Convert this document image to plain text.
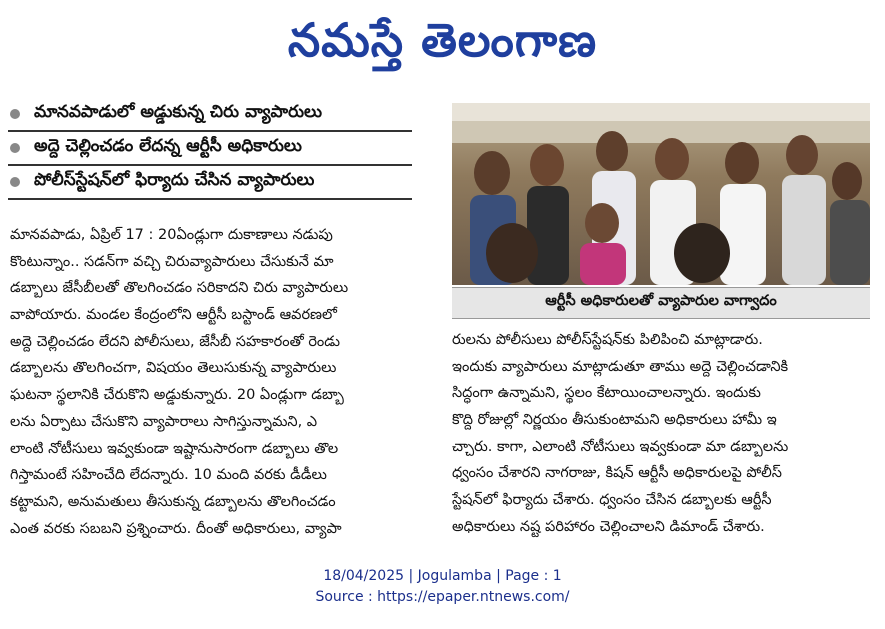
నమస్తే తెలంగాణ
మానవపాడులో అడ్డుకున్న చిరు వ్యాపారులు
అద్దె చెల్లించడం లేదన్న ఆర్టీసీ అధికారులు
పోలీస్‌స్టేషన్‌లో ఫిర్యాదు చేసిన వ్యాపారులు
మానవపాడు, ఏప్రిల్ 17 : 20ఏండ్లుగా దుకాణాలు నడుపు
కొంటున్నాం.. సడన్‌గా వచ్చి చిరువ్యాపారులు చేసుకునే మా
డబ్బాలు జేసీబీలతో తొలగించడం సరికాదని చిరు వ్యాపారులు
వాపోయారు. మండల కేంద్రంలోని ఆర్టీసీ బస్టాండ్ ఆవరణలో
అద్దె చెల్లించడం లేదని పోలీసులు, జేసీబీ సహకారంతో రెండు
డబ్బాలను తొలగించగా, విషయం తెలుసుకున్న వ్యాపారులు
ఘటనా స్థలానికి చేరుకొని అడ్డుకున్నారు. 20 ఏండ్లుగా డబ్బా
లను ఏర్పాటు చేసుకొని వ్యాపారాలు సాగిస్తున్నామని, ఎ
లాంటి నోటీసులు ఇవ్వకుండా ఇష్టానుసారంగా డబ్బాలు తొల
గిస్తామంటే సహించేది లేదన్నారు. 10 మంది వరకు డీడీలు
కట్టామని, అనుమతులు తీసుకున్న డబ్బాలను తొలగించడం
ఎంత వరకు సబబని ప్రశ్నించారు. దీంతో అధికారులు, వ్యాపా
ఆర్టీసీ అధికారులతో వ్యాపారుల వాగ్వాదం
రులను పోలీసులు పోలీస్‌స్టేషన్‌కు పిలిపించి మాట్లాడారు.
ఇందుకు వ్యాపారులు మాట్లాడుతూ తాము అద్దె చెల్లించడానికి
సిద్ధంగా ఉన్నామని, స్థలం కేటాయించాలన్నారు. ఇందుకు
కొద్ది రోజుల్లో నిర్ణయం తీసుకుంటామని అధికారులు హామీ ఇ
చ్చారు. కాగా, ఎలాంటి నోటీసులు ఇవ్వకుండా మా డబ్బాలను
ధ్వంసం చేశారని నాగరాజు, కిషన్ ఆర్టీసీ అధికారులపై పోలీస్
స్టేషన్‌లో ఫిర్యాదు చేశారు. ధ్వంసం చేసిన డబ్బాలకు ఆర్టీసీ
అధికారులు నష్ట పరిహారం చెల్లించాలని డిమాండ్ చేశారు.
18/04/2025 | Jogulamba | Page : 1
Source : https://epaper.ntnews.com/
